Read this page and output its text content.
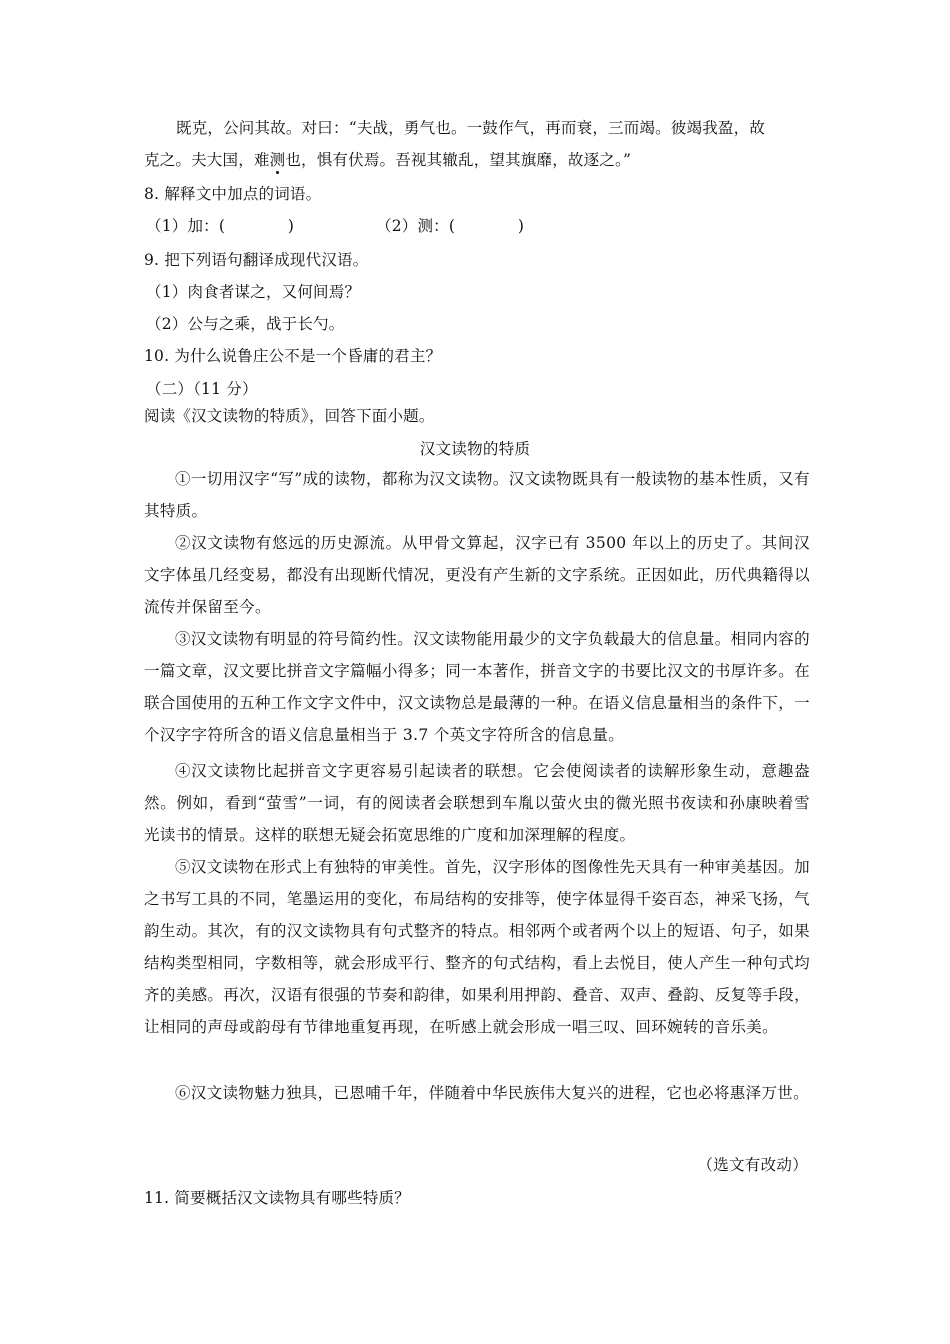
既克，公问其故。对曰：“夫战，勇气也。一鼓作气，再而衰，三而竭。彼竭我盈，故
克之。夫大国，难测也，惧有伏焉。吾视其辙乱，望其旗靡，故逐之。”
8. 解释文中加点的词语。
（1）加：(　　　　)	（2）测：(　　　　)
9. 把下列语句翻译成现代汉语。
（1）肉食者谋之，又何间焉？
（2）公与之乘，战于长勺。
10. 为什么说鲁庄公不是一个昏庸的君主？
（二）（11 分）
阅读《汉文读物的特质》，回答下面小题。
汉文读物的特质
①一切用汉字“写”成的读物，都称为汉文读物。汉文读物既具有一般读物的基本性质，又有其特质。
②汉文读物有悠远的历史源流。从甲骨文算起，汉字已有 3500 年以上的历史了。其间汉文字体虽几经变易，都没有出现断代情况，更没有产生新的文字系统。正因如此，历代典籍得以流传并保留至今。
③汉文读物有明显的符号简约性。汉文读物能用最少的文字负载最大的信息量。相同内容的一篇文章，汉文要比拼音文字篇幅小得多；同一本著作，拼音文字的书要比汉文的书厚许多。在联合国使用的五种工作文字文件中，汉文读物总是最薄的一种。在语义信息量相当的条件下，一个汉字字符所含的语义信息量相当于 3.7 个英文字符所含的信息量。
④汉文读物比起拼音文字更容易引起读者的联想。它会使阅读者的读解形象生动，意趣盎然。例如，看到“萤雪”一词，有的阅读者会联想到车胤以萤火虫的微光照书夜读和孙康映着雪光读书的情景。这样的联想无疑会拓宽思维的广度和加深理解的程度。
⑤汉文读物在形式上有独特的审美性。首先，汉字形体的图像性先天具有一种审美基因。加之书写工具的不同，笔墨运用的变化，布局结构的安排等，使字体显得千姿百态，神采飞扬，气韵生动。其次，有的汉文读物具有句式整齐的特点。相邻两个或者两个以上的短语、句子，如果结构类型相同，字数相等，就会形成平行、整齐的句式结构，看上去悦目，使人产生一种句式均齐的美感。再次，汉语有很强的节奏和韵律，如果利用押韵、叠音、双声、叠韵、反复等手段，让相同的声母或韵母有节律地重复再现，在听感上就会形成一唱三叹、回环婉转的音乐美。
⑥汉文读物魅力独具，已恩哺千年，伴随着中华民族伟大复兴的进程，它也必将惠泽万世。
（选文有改动）
11. 简要概括汉文读物具有哪些特质？
